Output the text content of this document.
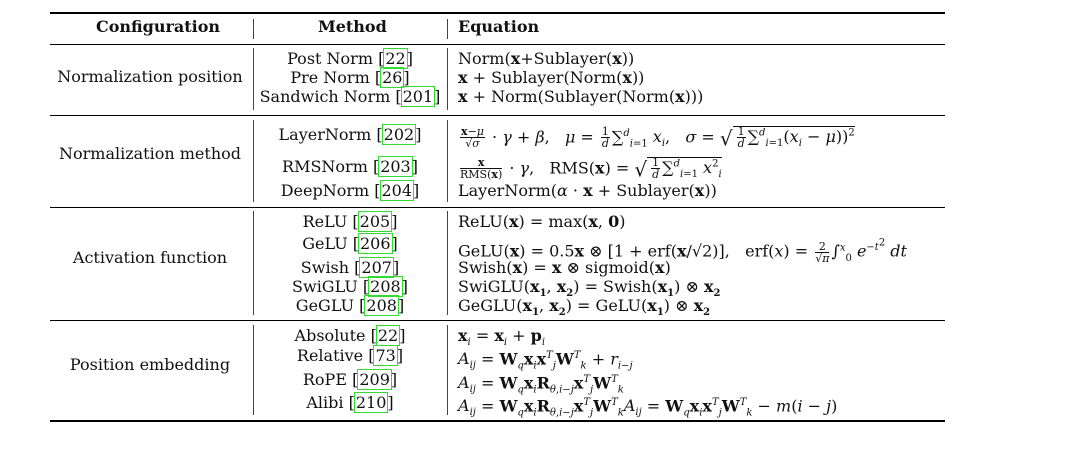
Configuration	Method	Equation
Normalization position
Post Norm [22]
Pre Norm [26]
Sandwich Norm [201]
Norm(x+Sublayer(x))
x + Sublayer(Norm(x))
x + Norm(Sublayer(Norm(x)))
Normalization method
LayerNorm [202]
RMSNorm [203]
DeepNorm [204]
$\frac{x-\mu}{√\sigma} \cdot \gamma + \beta$,   $\mu = \frac{1}{d} \sum^d_{i=1}$ $x_i$,   σ = √ $\frac{1}{d} \sum^d_{i=1}(x_i - \mu))^2$
$\frac{x}{\text{RMS(x)}} \cdot \gamma$,   RMS(x) = √ $\frac{1}{d} \sum^d_{i=1}$ $x^2_i$
LayerNorm(α · x + Sublayer(x))
Activation function
ReLU [205]
GeLU [206]
Swish [207]
SwiGLU [208]
GeGLU [208]
ReLU(x) = max(x, 0)
GeLU(x) = 0.5x ⊗ [1 + erf(x/√2)],   $erf(x) = \frac{2}{√\pi} \int^x_0$ $e^{-t^2}$ dt
Swish(x) = x ⊗ sigmoid(x)
$SwiGLU(x_1$, $x_2$) = $Swish(x_1)$ ⊗ $x_2$
$GeGLU(x_1$, $x_2$) = $GeLU(x_1)$ ⊗ $x_2$
Position embedding
Absolute [22]
Relative [73]
RoPE [209]
Alibi [210]
$x_i = x_i + p_i$
$A_{ij} = W_qx_ix^T_jW^T_k + r_{i-j}$
$A_{ij} = W_qx_iR_{\theta,i-j}x^T_jW^T_k$
$A_{ij} = W_qx_iR_{\theta,i-j}x^T_jW^T_kA_{ij} = W_qx_ix^T_jW^T_k - m(i - j)$
